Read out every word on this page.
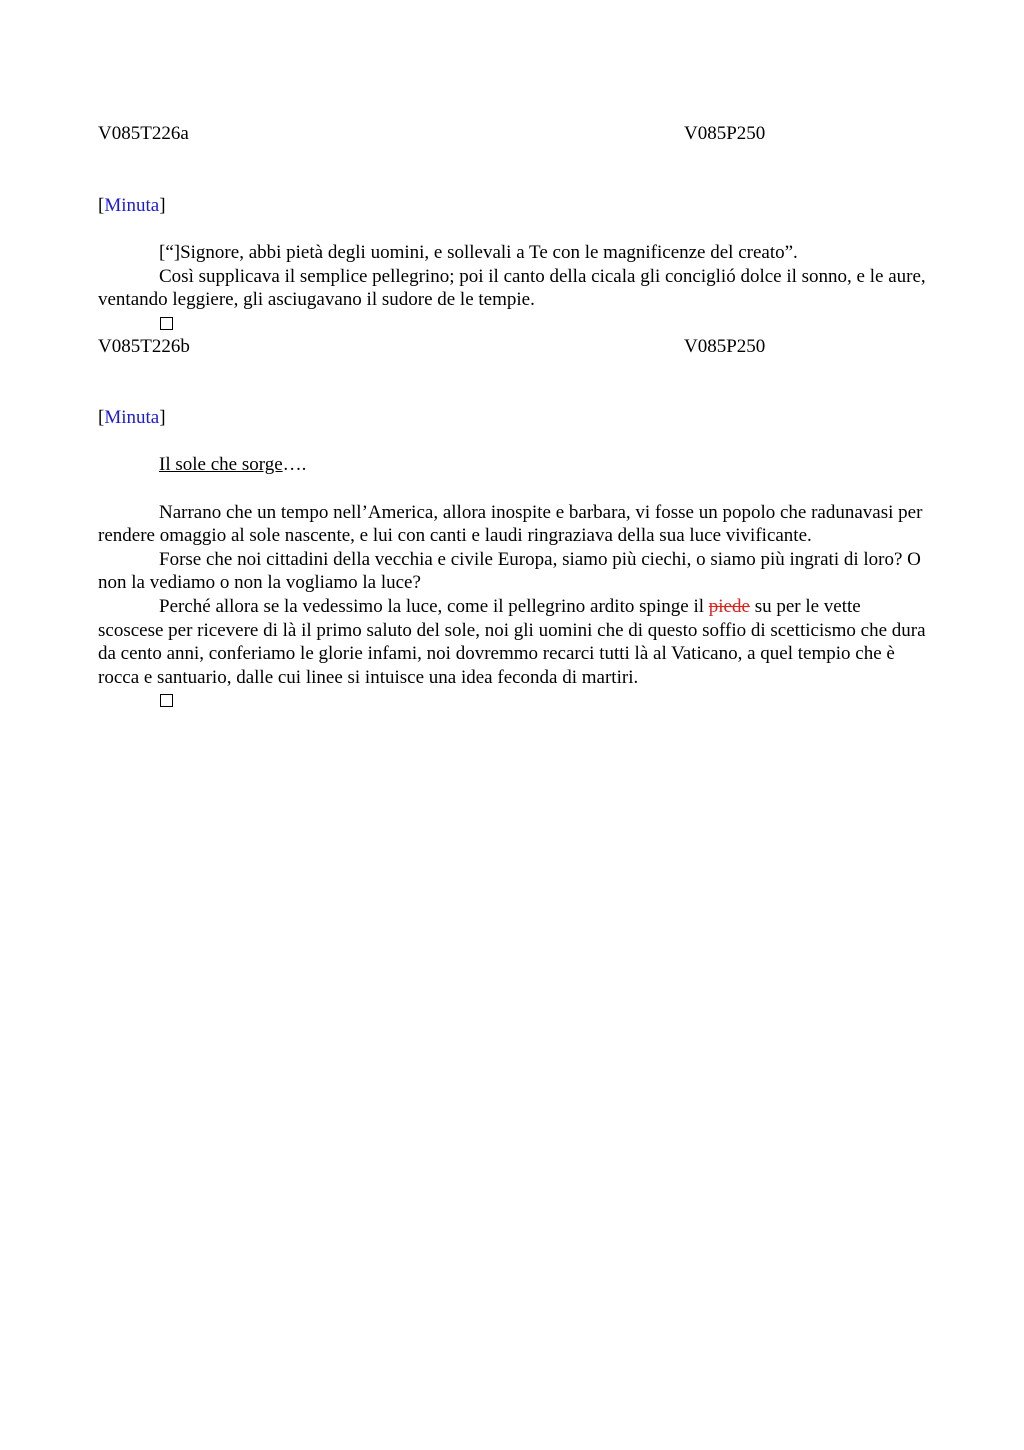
V085T226a	V085P250
[Minuta]

[“]Signore, abbi pietà degli uomini, e sollevali a Te con le magnificenze del creato”.

Così supplicava il semplice pellegrino; poi il canto della cicala gli conciglió dolce il sonno, e le aure, ventando leggiere, gli asciugavano il sudore de le tempie.

V085T226b	V085P250
[Minuta]

Il sole che sorge….

Narrano che un tempo nell’America, allora inospite e barbara, vi fosse un popolo che radunavasi per rendere omaggio al sole nascente, e lui con canti e laudi ringraziava della sua luce vivificante.

Forse che noi cittadini della vecchia e civile Europa, siamo più ciechi, o siamo più ingrati di loro? O non la vediamo o non la vogliamo la luce?

Perché allora se la vedessimo la luce, come il pellegrino ardito spinge il piede su per le vette scoscese per ricevere di là il primo saluto del sole, noi gli uomini che di questo soffio di scetticismo che dura da cento anni, conferiamo le glorie infami, noi dovremmo recarci tutti là al Vaticano, a quel tempio che è rocca e santuario, dalle cui linee si intuisce una idea feconda di martiri.
